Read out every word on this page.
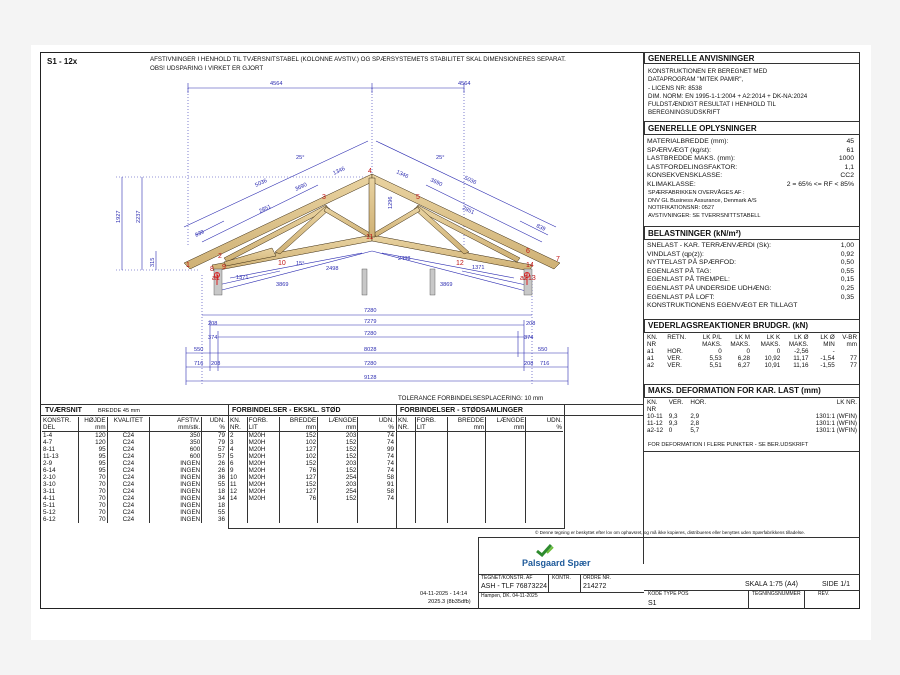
S1 - 12x	AFSTIVNINGER I HENHOLD TIL TVÆRSNITSTABEL (KOLONNE AVSTIV.) OG SPÆRSYSTEMETS STABILITET SKAL DIMENSIONERES SEPARAT.
OBS! UDSPARING I VIRKET ER GJORT
4564	4564
1927	2237
315
25°	25°
15°
5036	3690
1346
5036
3690
1346
2851	2851
839
839
1296
2498
2498
1371
1371
3869	3869
7280
208	7279	208
374
7280
374
550	8028	550
716 208	7280	208 716
9128
1
2
3
4
5
6
7
8 9
10
11
12
13
14
a1	a2
TOLERANCE FORBINDELSESPLACERING: 10 mm
TVÆRSNIT	BREDDE 45 mm	FORBINDELSER - EKSKL. STØD	FORBINDELSER - STØDSAMLINGER
KONSTR.	HØJDE	KVALITET	AFSTIV.	UDN.
DEL	mm		mm/stk.	%
1-4	120	C24	350	79
4-7	120	C24	350	79
8-11	95	C24	600	57
11-13	95	C24	600	57
2-9	95	C24	INGEN	26
6-14	95	C24	INGEN	26
2-10	70	C24	INGEN	36
3-10	70	C24	INGEN	55
3-11	70	C24	INGEN	18
4-11	70	C24	INGEN	34
5-11	70	C24	INGEN	18
5-12	70	C24	INGEN	55
6-12	70	C24	INGEN	36
KN.	FORB.	BREDDE	LÆNGDE	UDN.
NR.	LIT	mm	mm	%
2	M20H	152	203	74
3	M20H	102	152	74
4	M20H	127	152	99
5	M20H	102	152	74
6	M20H	152	203	74
9	M20H	76	152	74
10	M20H	127	254	58
11	M20H	152	203	91
12	M20H	127	254	58
14	M20H	76	152	74

KN.	FORB.	BREDDE	LÆNGDE	UDN.
NR.	LIT	mm	mm	%

GENERELLE ANVISNINGER
KONSTRUKTIONEN ER BEREGNET MED
DATAPROGRAM "MITEK PAMIR",
- LICENS NR: 8538
DIM. NORM: EN 1995-1-1:2004 + A2:2014 + DK-NA:2024
FULDSTÆNDIGT RESULTAT I HENHOLD TIL
BEREGNINGSUDSKRIFT
GENERELLE OPLYSNINGER
MATERIALBREDDE (mm):	45
SPÆRVÆGT (kg/st):	61
LASTBREDDE MAKS. (mm):	1000
LASTFORDELINGSFAKTOR:	1,1
KONSEKVENSKLASSE:	CC2
KLIMAKLASSE:	2 = 65% <= RF < 85%
SPÆRFABRIKKEN OVERVÅGES AF :
DNV GL Business Assurance, Denmark A/S
NOTIFIKATIONSNR: 0527
AVSTIVNINGER: SE TVERRSNITTSTABELL
BELASTNINGER (kN/m²)
SNELAST - KAR. TERRÆNVÆRDI (Sk):	1,00
VINDLAST (qp(z)):	0,92
NYTTELAST PÅ SPÆRFOD:	0,50
EGENLAST PÅ TAG:	0,55
EGENLAST PÅ TREMPEL:	0,15
EGENLAST PÅ UNDERSIDE UDHÆNG:	0,25
EGENLAST PÅ LOFT:	0,35
KONSTRUKTIONENS EGENVÆGT ER TILLAGT
VEDERLAGSREAKTIONER BRUDGR. (kN)
KN.	RETN.	LK P/L	LK M	LK K	LK Ø	LK Ø	V-BR
NR		MAKS.	MAKS.	MAKS.	MAKS.	MIN	mm
a1	HOR.	0	0	0	-2,56	-	
a1	VER.	5,53	6,28	10,92	11,17	-1,54	77
a2	VER.	5,51	6,27	10,91	11,16	-1,55	77
MAKS. DEFORMATION FOR KAR. LAST (mm)
KN.	VER.	HOR.	LK NR.
NR			
10-11	9,3	2,9	1301:1 (WFIN)
11-12	9,3	2,8	1301:1 (WFIN)
a2-12	0	5,7	1301:1 (WFIN)
FOR DEFORMATION I FLERE PUNKTER - SE BER.UDSKRIFT
© Denne tegning er beskyttet efter lov om ophavsret, og må ikke kopieres, distribueres eller benyttes uden Spærfabrikkens tilladelse.
Palsgaard Spær
TEGNET/KONSTR. AF	KONTR. ORDRE NR.
ASH - TLF 76873224	214272
Hampen, DK. 04-11-2025
04-11-2025 - 14:14
2025.3 (8b35dfb)
KODE TYPE POS
S1
SKALA 1:75 (A4)	SIDE 1/1
TEGNINGSNUMMER	REV.
